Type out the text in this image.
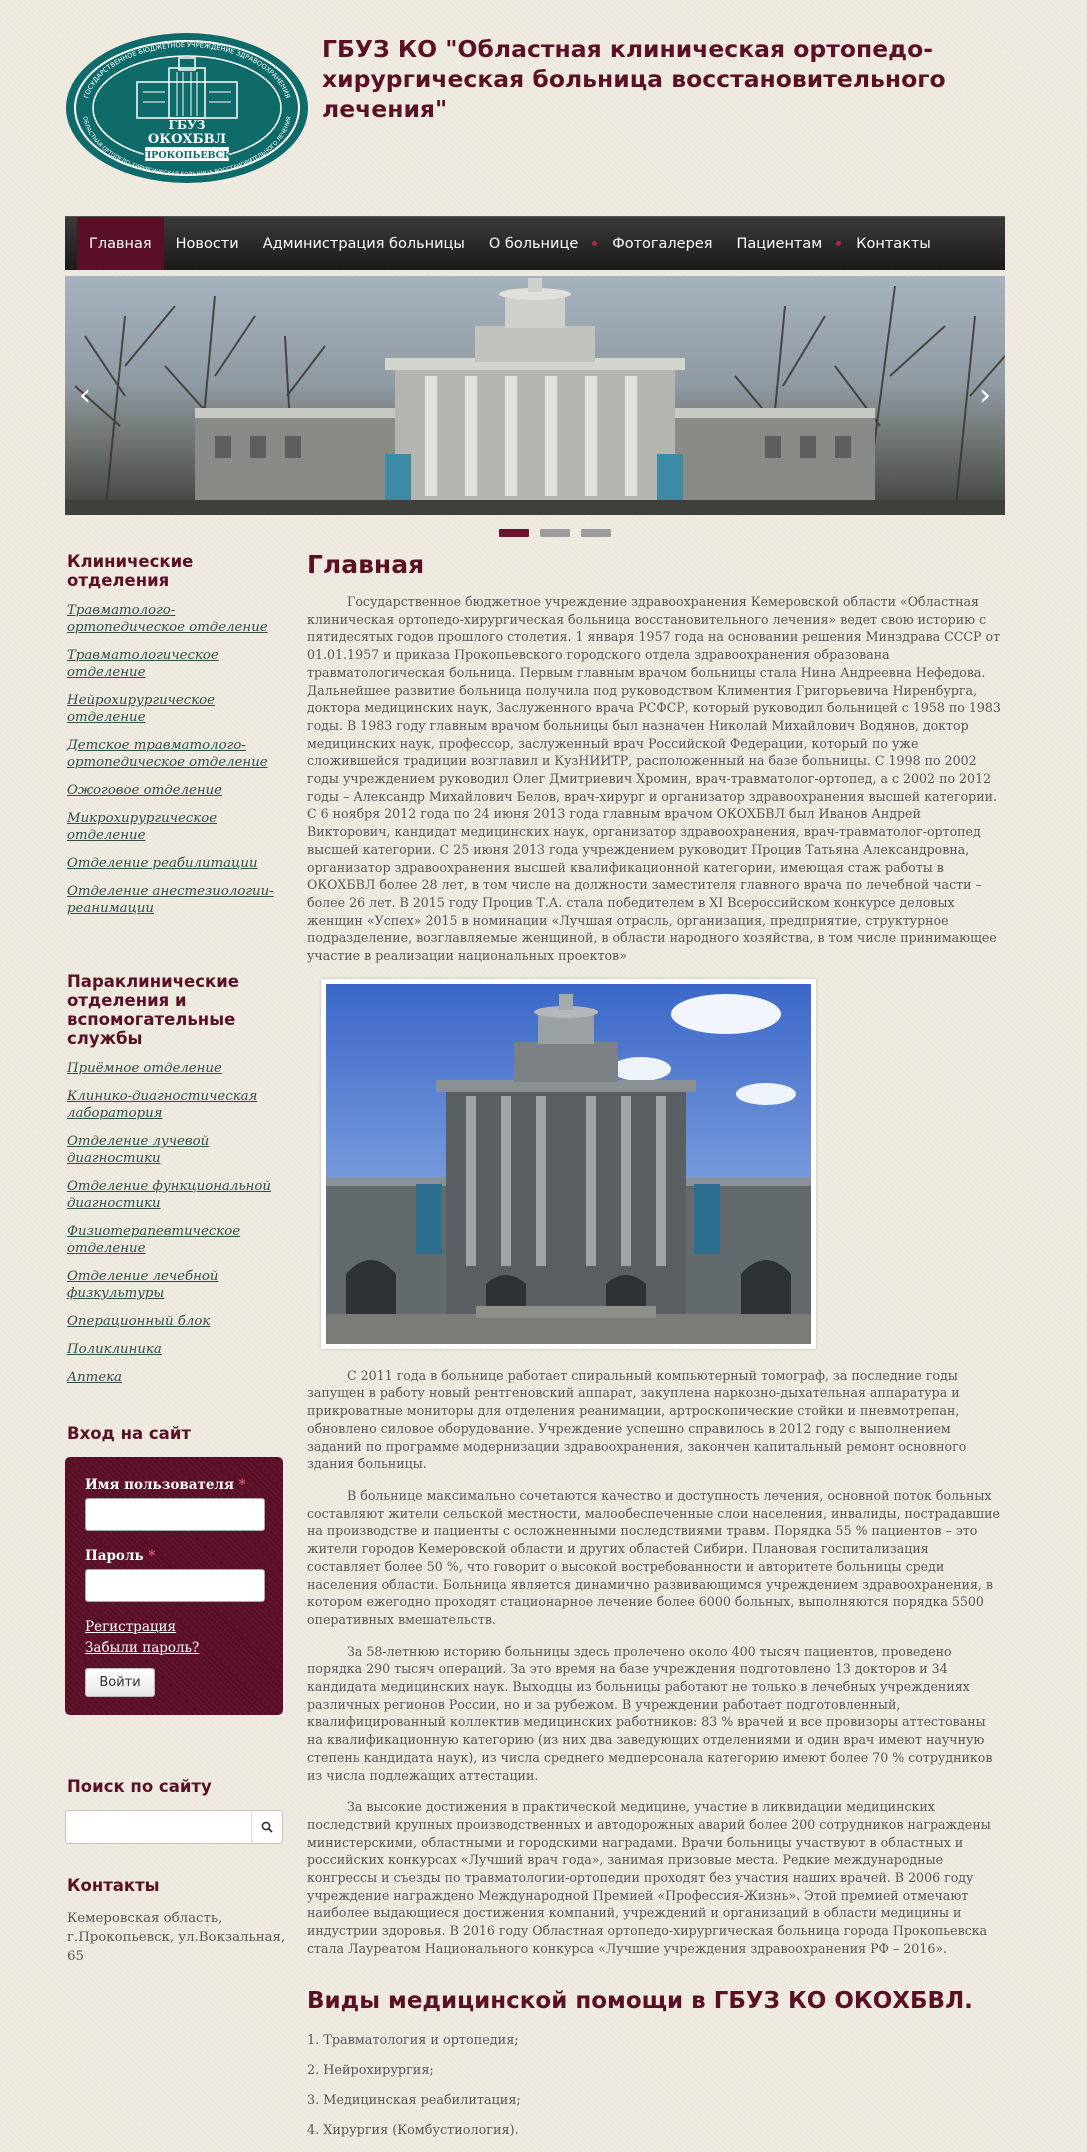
ГБУЗ
ОКОХБВЛ
ПРОКОПЬЕВСК
ГОСУДАРСТВЕННОЕ БЮДЖЕТНОЕ УЧРЕЖДЕНИЕ ЗДРАВООХРАНЕНИЯ
ОБЛАСТНАЯ ОРТОПЕДО-ХИРУРГИЧЕСКАЯ БОЛЬНИЦА ВОССТАНОВИТЕЛЬНОГО ЛЕЧЕНИЯ
ГБУЗ КО "Областная клиническая ортопедо-хирургическая больница восстановительного лечения"
Главная	Новости	Администрация больницы	О больнице	Фотогалерея	Пациентам	Контакты
‹	›
Клинические отделения
Травматолого-ортопедическое отделение
Травматологическое отделение
Нейрохирургическое отделение
Детское травматолого-ортопедическое отделение
Ожоговое отделение
Микрохирургическое отделение
Отделение реабилитации
Отделение анестезиологии-реанимации
Параклинические отделения и вспомогательные службы
Приёмное отделение
Клинико-диагностическая лаборатория
Отделение лучевой диагностики
Отделение функциональной диагностики
Физиотерапевтическое отделение
Отделение лечебной физкультуры
Операционный блок
Поликлиника
Аптека
Вход на сайт
Имя пользователя *
Пароль *
Регистрация
Забыли пароль?
Войти
Поиск по сайту
Контакты
Кемеровская область, г.Прокопьевск, ул.Вокзальная, 65
Главная

Государственное бюджетное учреждение здравоохранения Кемеровской области «Областная клиническая ортопедо-хирургическая больница восстановительного лечения» ведет свою историю с пятидесятых годов прошлого столетия. 1 января 1957 года на основании решения Минздрава СССР от 01.01.1957 и приказа Прокопьевского городского отдела здравоохранения образована травматологическая больница. Первым главным врачом больницы стала Нина Андреевна Нефедова. Дальнейшее развитие больница получила под руководством Климентия Григорьевича Ниренбурга, доктора медицинских наук, Заслуженного врача РСФСР, который руководил больницей с 1958 по 1983 годы. В 1983 году главным врачом больницы был назначен Николай Михайлович Водянов, доктор медицинских наук, профессор, заслуженный врач Российской Федерации, который по уже сложившейся традиции возглавил и КузНИИТР, расположенный на базе больницы. С 1998 по 2002 годы учреждением руководил Олег Дмитриевич Хромин, врач-травматолог-ортопед, а с 2002 по 2012 годы – Александр Михайлович Белов, врач-хирург и организатор здравоохранения высшей категории. С 6 ноября 2012 года по 24 июня 2013 года главным врачом ОКОХБВЛ был Иванов Андрей Викторович, кандидат медицинских наук, организатор здравоохранения, врач-травматолог-ортопед высшей категории. С 25 июня 2013 года учреждением руководит Процив Татьяна Александровна, организатор здравоохранения высшей квалификационной категории, имеющая стаж работы в ОКОХБВЛ более 28 лет, в том числе на должности заместителя главного врача по лечебной части – более 26 лет. В 2015 году Процив Т.А. стала победителем в XI Всероссийском конкурсе деловых женщин «Успех» 2015 в номинации «Лучшая отрасль, организация, предприятие, структурное подразделение, возглавляемые женщиной, в области народного хозяйства, в том числе принимающее участие в реализации национальных проектов»

С 2011 года в больнице работает спиральный компьютерный томограф, за последние годы запущен в работу новый рентгеновский аппарат, закуплена наркозно-дыхательная аппаратура и прикроватные мониторы для отделения реанимации, артроскопические стойки и пневмотрепан, обновлено силовое оборудование. Учреждение успешно справилось в 2012 году с выполнением заданий по программе модернизации здравоохранения, закончен капитальный ремонт основного здания больницы.

В больнице максимально сочетаются качество и доступность лечения, основной поток больных составляют жители сельской местности, малообеспеченные слои населения, инвалиды, пострадавшие на производстве и пациенты с осложненными последствиями травм. Порядка 55 % пациентов – это жители городов Кемеровской области и других областей Сибири. Плановая госпитализация составляет более 50 %, что говорит о высокой востребованности и авторитете больницы среди населения области. Больница является динамично развивающимся учреждением здравоохранения, в котором ежегодно проходят стационарное лечение более 6000 больных, выполняются порядка 5500 оперативных вмешательств.

За 58-летнюю историю больницы здесь пролечено около 400 тысяч пациентов, проведено порядка 290 тысяч операций. За это время на базе учреждения подготовлено 13 докторов и 34 кандидата медицинских наук. Выходцы из больницы работают не только в лечебных учреждениях различных регионов России, но и за рубежом. В учреждении работает подготовленный, квалифицированный коллектив медицинских работников: 83 % врачей и все провизоры аттестованы на квалификационную категорию (из них два заведующих отделениями и один врач имеют научную степень кандидата наук), из числа среднего медперсонала категорию имеют более 70 % сотрудников из числа подлежащих аттестации.

За высокие достижения в практической медицине, участие в ликвидации медицинских последствий крупных производственных и автодорожных аварий более 200 сотрудников награждены министерскими, областными и городскими наградами. Врачи больницы участвуют в областных и российских конкурсах «Лучший врач года», занимая призовые места. Редкие международные конгрессы и съезды по травматологии-ортопедии проходят без участия наших врачей. В 2006 году учреждение награждено Международной Премией «Профессия-Жизнь». Этой премией отмечают наиболее выдающиеся достижения компаний, учреждений и организаций в области медицины и индустрии здоровья. В 2016 году Областная ортопедо-хирургическая больница города Прокопьевска стала Лауреатом Национального конкурса «Лучшие учреждения здравоохранения РФ – 2016».

Виды медицинской помощи в ГБУЗ КО ОКОХБВЛ.
1. Травматология и ортопедия;
2. Нейрохирургия;
3. Медицинская реабилитация;
4. Хирургия (Комбустиология).
